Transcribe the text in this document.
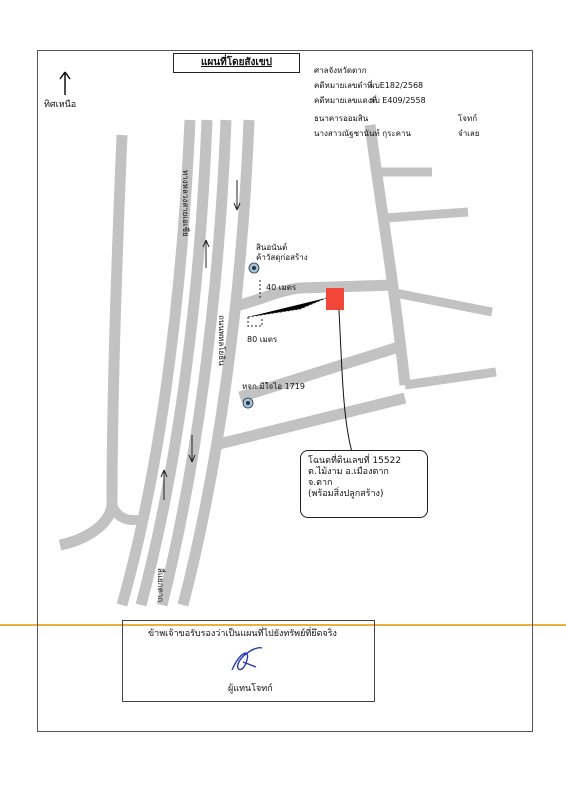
ทิศเหนือ
แผนที่โดยสังเขป
ศาลจังหวัดตาก
คดีหมายเลขดำที่
ผบE182/2568
คดีหมายเลขแดงที่
ผบ E409/2558
ธนาคารออมสิน	โจทก์
นางสาวณัฐชานันท์ กุระคาน	จำเลย
ทางหลวงสายเอเชีย
ถนนพหลโยธิน
สี่แยกตาก
สินอนันต์
ค้าวัสดุก่อสร้าง
40 เมตร
80 เมตร
หจก.มีใจไอ 1719
โฉนดที่ดินเลขที่ 15522
ต.ไม้งาม อ.เมืองตาก
จ.ตาก
(พร้อมสิ่งปลูกสร้าง)
ข้าพเจ้าขอรับรองว่าเป็นแผนที่ไปยังทรัพย์ที่ยึดจริง
ผู้แทนโจทก์
